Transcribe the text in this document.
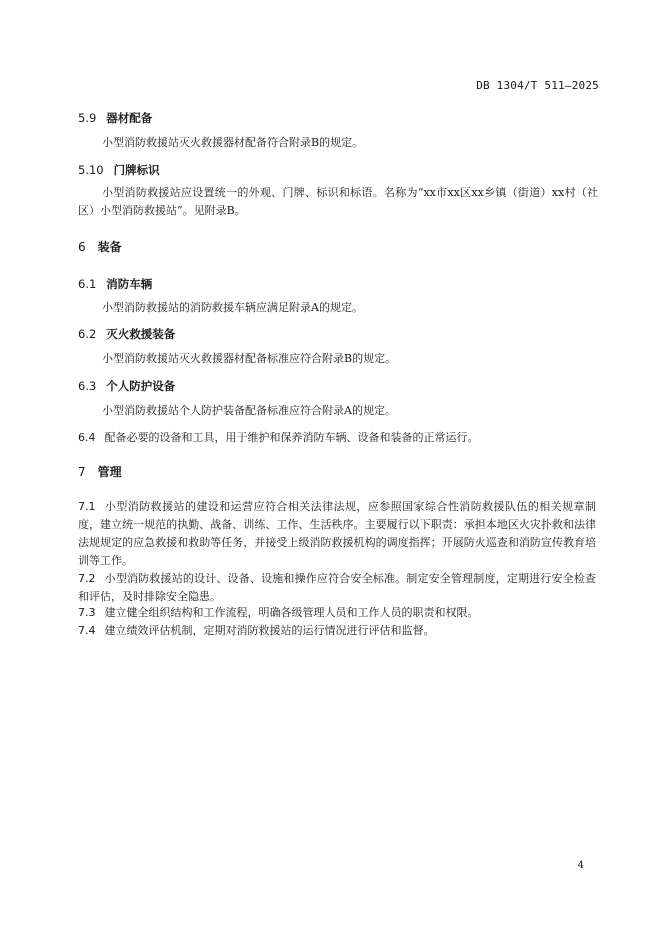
DB 1304/T 511—2025
5.9 器材配备
小型消防救援站灭火救援器材配备符合附录B的规定。
5.10 门牌标识
小型消防救援站应设置统一的外观、门牌、标识和标语。名称为“xx市xx区xx乡镇（街道）xx村（社区）小型消防救援站”。见附录B。
6 装备
6.1 消防车辆
小型消防救援站的消防救援车辆应满足附录A的规定。
6.2 灭火救援装备
小型消防救援站灭火救援器材配备标准应符合附录B的规定。
6.3 个人防护设备
小型消防救援站个人防护装备配备标准应符合附录A的规定。
6.4 配备必要的设备和工具，用于维护和保养消防车辆、设备和装备的正常运行。
7 管理
7.1 小型消防救援站的建设和运营应符合相关法律法规，应参照国家综合性消防救援队伍的相关规章制度，建立统一规范的执勤、战备、训练、工作、生活秩序。主要履行以下职责：承担本地区火灾扑救和法律法规规定的应急救援和救助等任务，并接受上级消防救援机构的调度指挥；开展防火巡查和消防宣传教育培训等工作。
7.2 小型消防救援站的设计、设备、设施和操作应符合安全标准。制定安全管理制度，定期进行安全检查和评估，及时排除安全隐患。
7.3 建立健全组织结构和工作流程，明确各级管理人员和工作人员的职责和权限。
7.4 建立绩效评估机制，定期对消防救援站的运行情况进行评估和监督。
4
